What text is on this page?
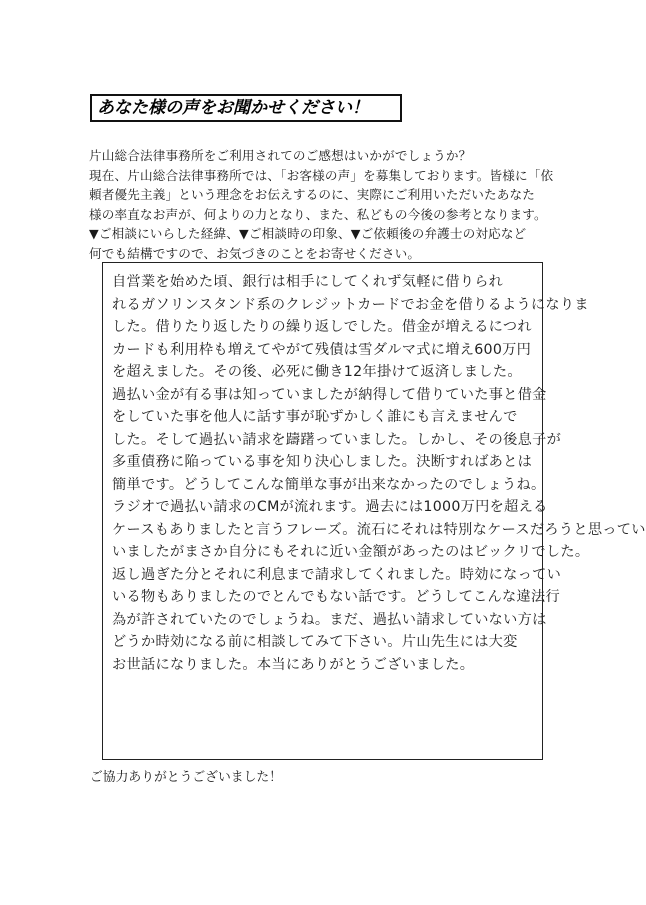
あなた様の声をお聞かせください！
片山総合法律事務所をご利用されてのご感想はいかがでしょうか？
現在、片山総合法律事務所では、「お客様の声」を募集しております。皆様に「依
頼者優先主義」という理念をお伝えするのに、実際にご利用いただいたあなた
様の率直なお声が、何よりの力となり、また、私どもの今後の参考となります。
▼ご相談にいらした経緯、▼ご相談時の印象、▼ご依頼後の弁護士の対応など
何でも結構ですので、お気づきのことをお寄せください。
自営業を始めた頃、銀行は相手にしてくれず気軽に借りられ
れるガソリンスタンド系のクレジットカードでお金を借りるようになりま
した。借りたり返したりの繰り返しでした。借金が増えるにつれ
カードも利用枠も増えてやがて残債は雪ダルマ式に増え600万円
を超えました。その後、必死に働き12年掛けて返済しました。
過払い金が有る事は知っていましたが納得して借りていた事と借金
をしていた事を他人に話す事が恥ずかしく誰にも言えませんで
した。そして過払い請求を躊躇っていました。しかし、その後息子が
多重債務に陥っている事を知り決心しました。決断すればあとは
簡単です。どうしてこんな簡単な事が出来なかったのでしょうね。
ラジオで過払い請求のCMが流れます。過去には1000万円を超える
ケースもありましたと言うフレーズ。流石にそれは特別なケースだろうと思ってい
いましたがまさか自分にもそれに近い金額があったのはビックリでした。
返し過ぎた分とそれに利息まで請求してくれました。時効になってい
いる物もありましたのでとんでもない話です。どうしてこんな違法行
為が許されていたのでしょうね。まだ、過払い請求していない方は
どうか時効になる前に相談してみて下さい。片山先生には大変
お世話になりました。本当にありがとうございました。
ご協力ありがとうございました！
